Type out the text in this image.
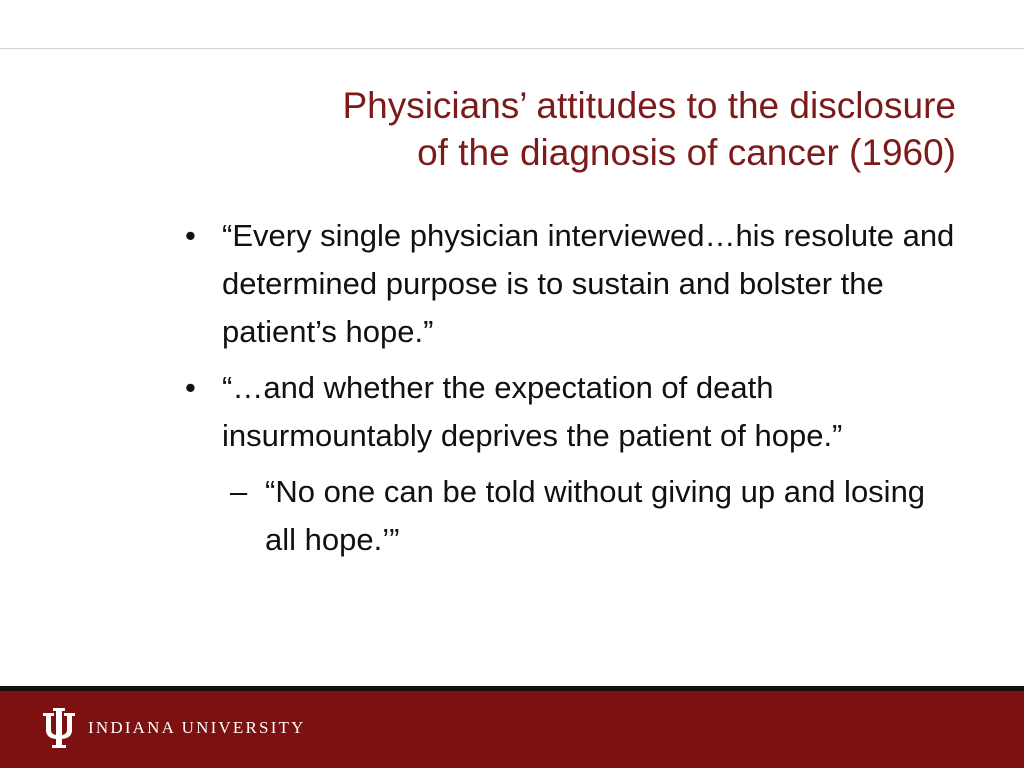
Physicians’ attitudes to the disclosure
of the diagnosis of cancer (1960)
• “Every single physician interviewed…his resolute and determined purpose is to sustain and bolster the patient’s hope.”
• “…and whether the expectation of death insurmountably deprives the patient of hope.”
– “No one can be told without giving up and losing all hope.’”
INDIANA UNIVERSITY
